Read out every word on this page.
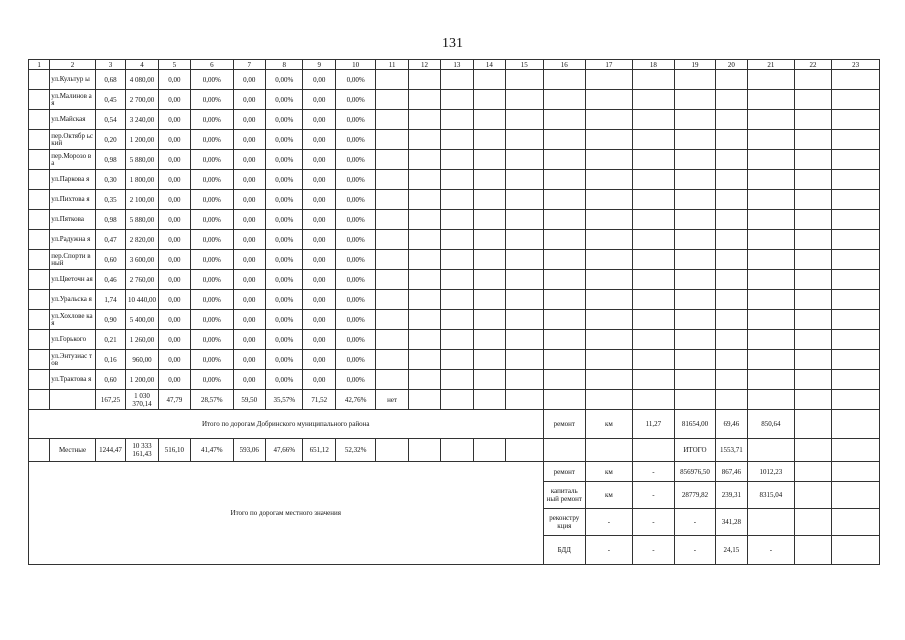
131
1	2	3	4	5	6	7	8	9	10	11	12	13	14	15	16	17	18	19	20	21	22	23
	ул.Культур ы	0,68	4 080,00	0,00	0,00%	0,00	0,00%	0,00	0,00%													
	ул.Малинов ая	0,45	2 700,00	0,00	0,00%	0,00	0,00%	0,00	0,00%													
	ул.Майская	0,54	3 240,00	0,00	0,00%	0,00	0,00%	0,00	0,00%													
	пер.Октябр ьский	0,20	1 200,00	0,00	0,00%	0,00	0,00%	0,00	0,00%													
	пер.Морозо ва	0,98	5 880,00	0,00	0,00%	0,00	0,00%	0,00	0,00%													
	ул.Парковa я	0,30	1 800,00	0,00	0,00%	0,00	0,00%	0,00	0,00%													
	ул.Пихтова я	0,35	2 100,00	0,00	0,00%	0,00	0,00%	0,00	0,00%													
	ул.Пятковa	0,98	5 880,00	0,00	0,00%	0,00	0,00%	0,00	0,00%													
	ул.Радужна я	0,47	2 820,00	0,00	0,00%	0,00	0,00%	0,00	0,00%													
	пер.Спорти вный	0,60	3 600,00	0,00	0,00%	0,00	0,00%	0,00	0,00%													
	ул.Цветочн ая	0,46	2 760,00	0,00	0,00%	0,00	0,00%	0,00	0,00%													
	ул.Уральска я	1,74	10 440,00	0,00	0,00%	0,00	0,00%	0,00	0,00%													
	ул.Хохлове кая	0,90	5 400,00	0,00	0,00%	0,00	0,00%	0,00	0,00%													
	ул.Горького	0,21	1 260,00	0,00	0,00%	0,00	0,00%	0,00	0,00%													
	ул.Энтузиас тов	0,16	960,00	0,00	0,00%	0,00	0,00%	0,00	0,00%													
	ул.Трактова я	0,60	1 200,00	0,00	0,00%	0,00	0,00%	0,00	0,00%													
		167,25	1 030 370,14	47,79	28,57%	59,50	35,57%	71,52	42,76%	нет												
Итого по дорогам Добринского муниципального района															ремонт	км	11,27	81654,00	69,46	850,64		
	Местные	1244,47	10 333 161,43	516,10	41,47%	593,06	47,66%	651,12	52,32%									ИТОГО	1553,71			
Итого по дорогам местного значения															ремонт	км	-	856976,50	867,46	1012,23		
															капиталь ный ремонт	км	-	28779,82	239,31	8315,04		
															реконстру кция	-	-	-	341,28			
															БДД	-	-	-	24,15	-		
